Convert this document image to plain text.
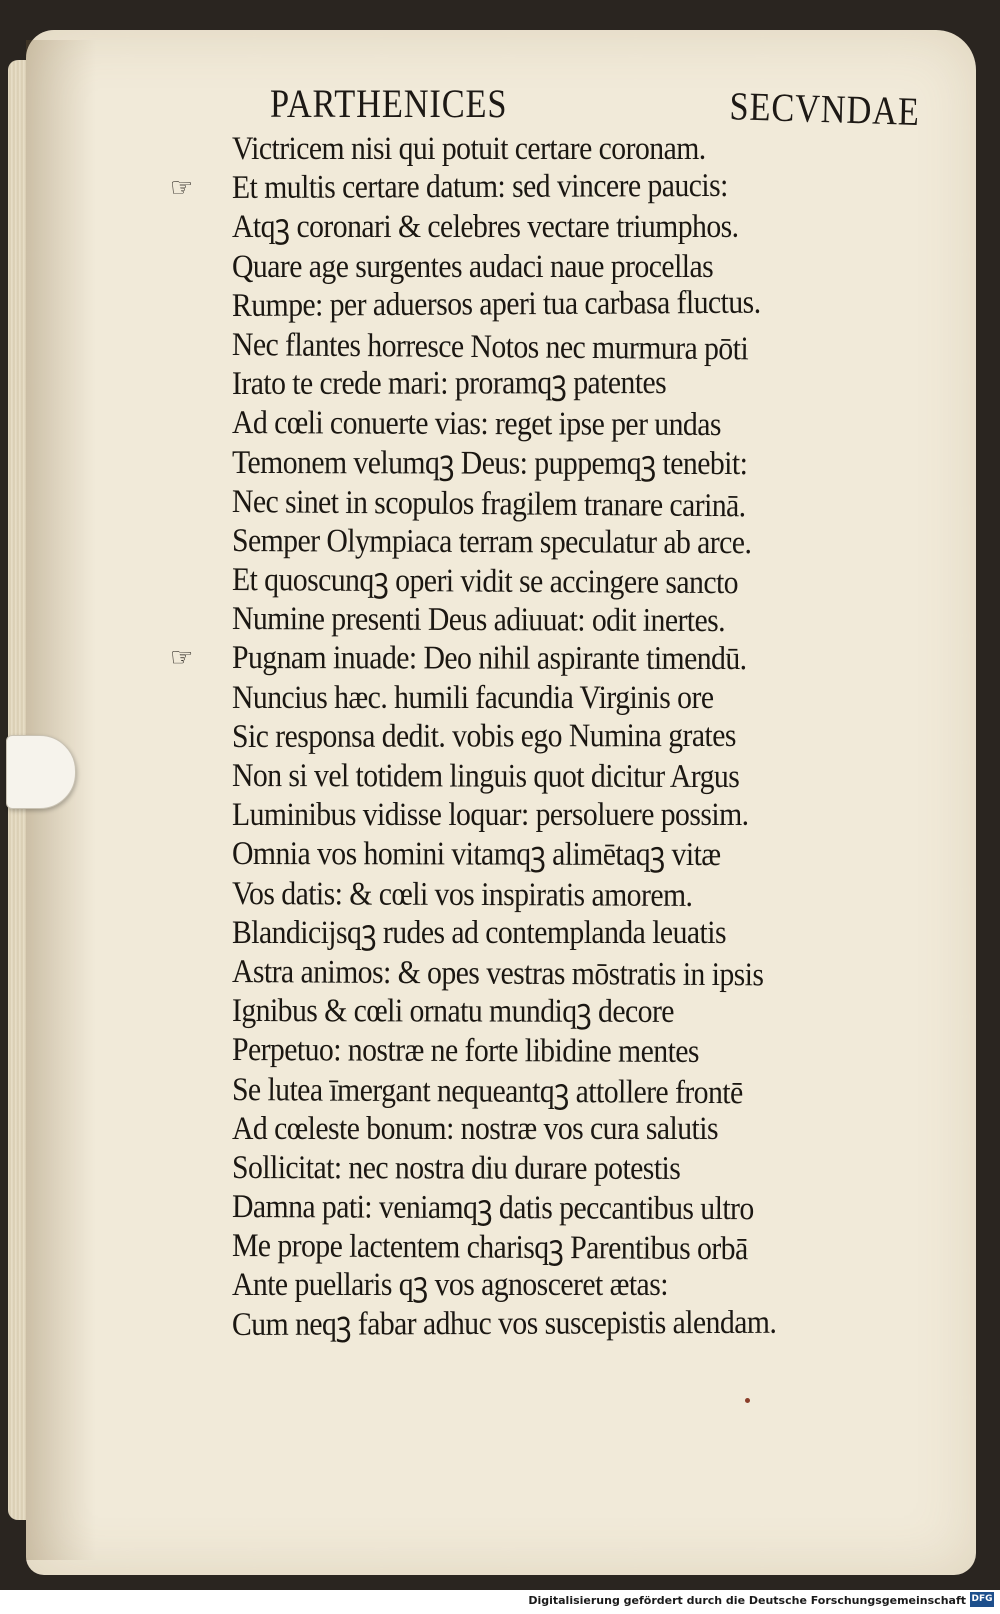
PARTHENICES	SECVNDAE
Victricem nisi qui potuit certare coronam.
☞ Et multis certare datum: sed vincere paucis:
Atqꝫ coronari & celebres vectare triumphos.
Quare age surgentes audaci naue procellas
Rumpe: per aduersos aperi tua carbasa fluctus.
Nec flantes horresce Notos nec murmura pōti
Irato te crede mari: proramqꝫ patentes
Ad cœli conuerte vias: reget ipse per undas
Temonem velumqꝫ Deus: puppemqꝫ tenebit:
Nec sinet in scopulos fragilem tranare carinā.
Semper Olympiaca terram speculatur ab arce.
Et quoscunqꝫ operi vidit se accingere sancto
Numine presenti Deus adiuuat: odit inertes.
☞ Pugnam inuade: Deo nihil aspirante timendū.
Nuncius hæc. humili facundia Virginis ore
Sic responsa dedit. vobis ego Numina grates
Non si vel totidem linguis quot dicitur Argus
Luminibus vidisse loquar: persoluere possim.
Omnia vos homini vitamqꝫ alimētaqꝫ vitæ
Vos datis: & cœli vos inspiratis amorem.
Blandicijsqꝫ rudes ad contemplanda leuatis
Astra animos: & opes vestras mōstratis in ipsis
Ignibus & cœli ornatu mundiqꝫ decore
Perpetuo: nostræ ne forte libidine mentes
Se lutea īmergant nequeantqꝫ attollere frontē
Ad cœleste bonum: nostræ vos cura salutis
Sollicitat: nec nostra diu durare potestis
Damna pati: veniamqꝫ datis peccantibus ultro
Me prope lactentem charisqꝫ Parentibus orbā
Ante puellaris qꝫ vos agnosceret ætas:
Cum neqꝫ fabar adhuc vos suscepistis alendam.
Digitalisierung gefördert durch die Deutsche Forschungsgemeinschaft DFG
